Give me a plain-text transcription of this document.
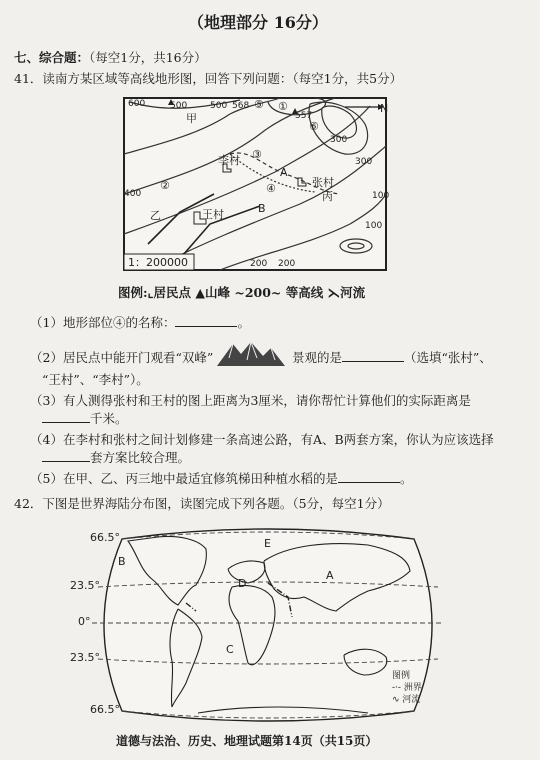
（地理部分 16分）
七、综合题：（每空1分，共16分）
41．读南方某区域等高线地形图，回答下列问题：（每空1分，共5分）
600	500	500
400
300
100
100
200 200
300
568
557
⑤ ①
⑥
③
④
②
李村
张村
王村
甲
乙
丙
A
B
N
1：200000
图例:⌞居民点 ▲山峰 ~200~ 等高线 ⋋河流
（1）地形部位④的名称：	。
（2）居民点中能开门观看“双峰”	景观的是	（选填“张村”、
“王村”、“李村”）。
（3）有人测得张村和王村的图上距离为3厘米，请你帮忙计算他们的实际距离是
千米。
（4）在李村和张村之间计划修建一条高速公路，有A、B两套方案，你认为应该选择
套方案比较合理。
（5）在甲、乙、丙三地中最适宜修筑梯田种植水稻的是	。
42．下图是世界海陆分布图，读图完成下列各题。（5分，每空1分）
66.5°
23.5°
0°
23.5°
66.5°
A
B
C
D
E
图例
‐·‐ 洲界
∿ 河流
道德与法治、历史、地理试题第14页（共15页）
